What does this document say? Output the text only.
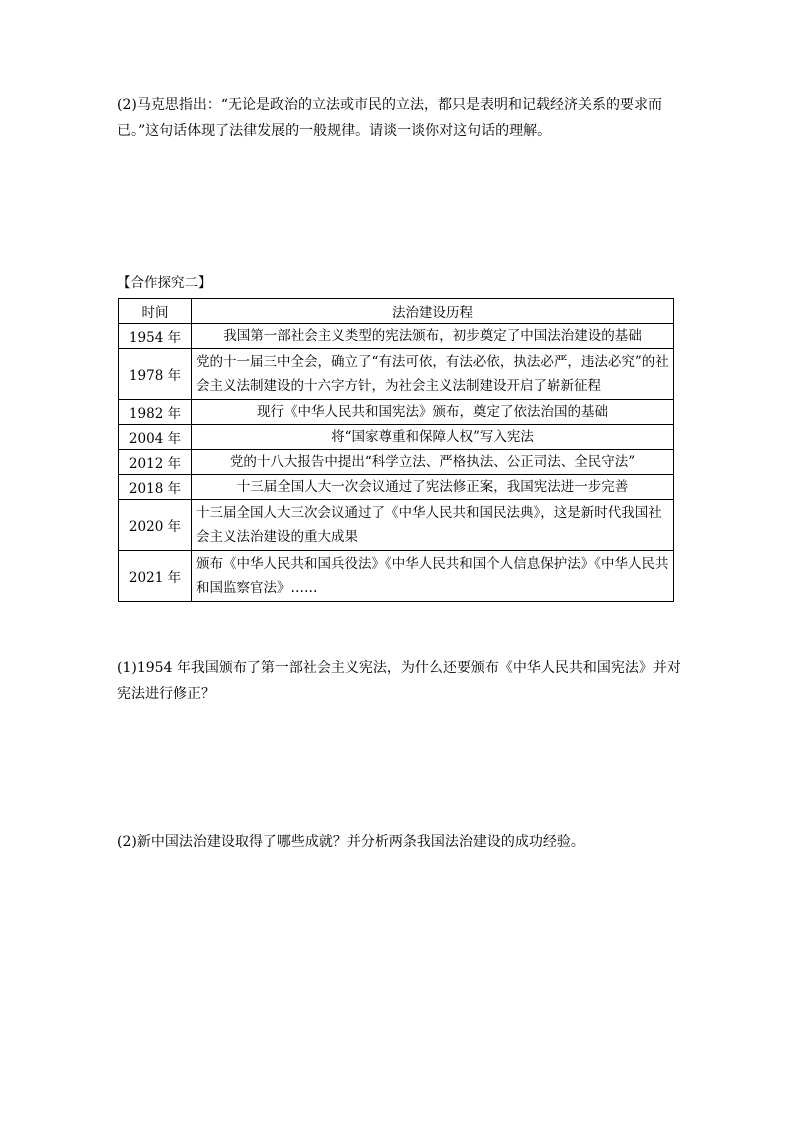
(2)马克思指出：“无论是政治的立法或市民的立法，都只是表明和记载经济关系的要求而已。”这句话体现了法律发展的一般规律。请谈一谈你对这句话的理解。

【合作探究二】

时间	法治建设历程
1954 年	我国第一部社会主义类型的宪法颁布，初步奠定了中国法治建设的基础
1978 年	党的十一届三中全会，确立了“有法可依，有法必依，执法必严，违法必究”的社会主义法制建设的十六字方针，为社会主义法制建设开启了崭新征程
1982 年	现行《中华人民共和国宪法》颁布，奠定了依法治国的基础
2004 年	将“国家尊重和保障人权”写入宪法
2012 年	党的十八大报告中提出“科学立法、严格执法、公正司法、全民守法”
2018 年	十三届全国人大一次会议通过了宪法修正案，我国宪法进一步完善
2020 年	十三届全国人大三次会议通过了《中华人民共和国民法典》，这是新时代我国社会主义法治建设的重大成果
2021 年	颁布《中华人民共和国兵役法》《中华人民共和国个人信息保护法》《中华人民共和国监察官法》……

(1)1954 年我国颁布了第一部社会主义宪法，为什么还要颁布《中华人民共和国宪法》并对宪法进行修正？

(2)新中国法治建设取得了哪些成就？并分析两条我国法治建设的成功经验。
